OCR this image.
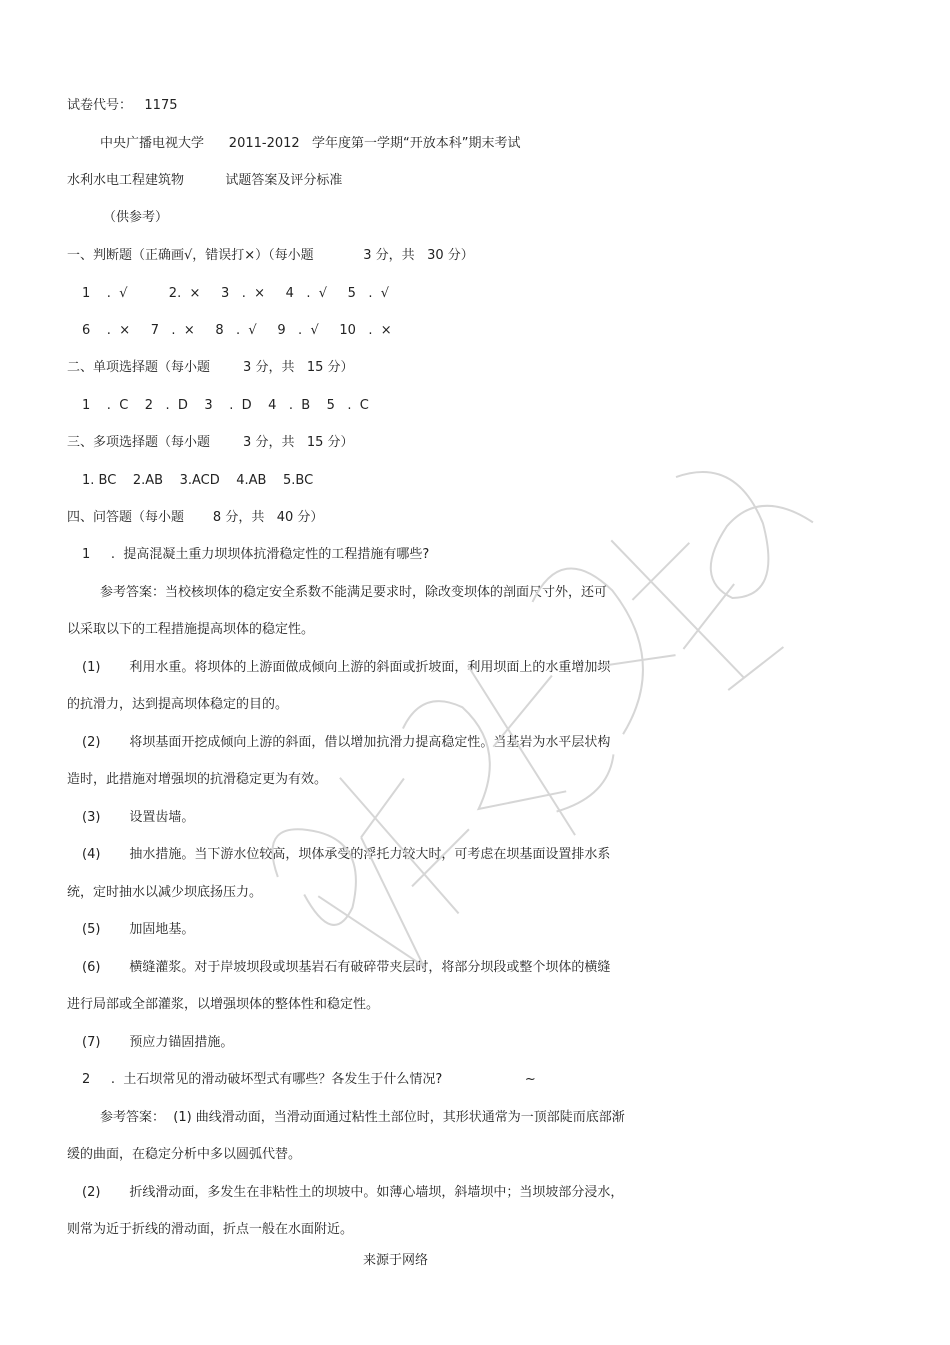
试卷代号：   1175
中央广播电视大学      2011-2012   学年度第一学期“开放本科”期末考试
水利水电工程建筑物          试题答案及评分标准
（供参考）
一、判断题（正确画√，错误打×）（每小题            3 分，共   30 分）
1    .  √          2.  ×     3   .  ×     4   .  √     5   .  √
6    .  ×     7   .  ×     8   .  √     9   .  √     10   .  ×
二、单项选择题（每小题        3 分，共   15 分）
1    .  C    2   .  D    3    .  D    4   .  B    5   .  C
三、多项选择题（每小题        3 分，共   15 分）
1. BC    2.AB    3.ACD    4.AB    5.BC
四、问答题（每小题       8 分，共   40 分）
1     .  提高混凝土重力坝坝体抗滑稳定性的工程措施有哪些?
参考答案：当校核坝体的稳定安全系数不能满足要求时，除改变坝体的剖面尺寸外，还可
以采取以下的工程措施提高坝体的稳定性。
(1)       利用水重。将坝体的上游面做成倾向上游的斜面或折坡面，利用坝面上的水重增加坝
的抗滑力，达到提高坝体稳定的目的。
(2)       将坝基面开挖成倾向上游的斜面，借以增加抗滑力提高稳定性。当基岩为水平层状构
造时，此措施对增强坝的抗滑稳定更为有效。
(3)       设置齿墙。
(4)       抽水措施。当下游水位较高，坝体承受的浮托力较大时，可考虑在坝基面设置排水系
统，定时抽水以减少坝底扬压力。
(5)       加固地基。
(6)       横缝灌浆。对于岸坡坝段或坝基岩石有破碎带夹层时，将部分坝段或整个坝体的横缝
进行局部或全部灌浆，以增强坝体的整体性和稳定性。
(7)       预应力锚固措施。
2     .  土石坝常见的滑动破坏型式有哪些？各发生于什么情况?                    ~
参考答案：  (1) 曲线滑动面，当滑动面通过粘性土部位时，其形状通常为一顶部陡而底部渐
缓的曲面，在稳定分析中多以圆弧代替。
(2)       折线滑动面，多发生在非粘性土的坝坡中。如薄心墙坝，斜墙坝中；当坝坡部分浸水，
则常为近于折线的滑动面，折点一般在水面附近。
来源于网络
